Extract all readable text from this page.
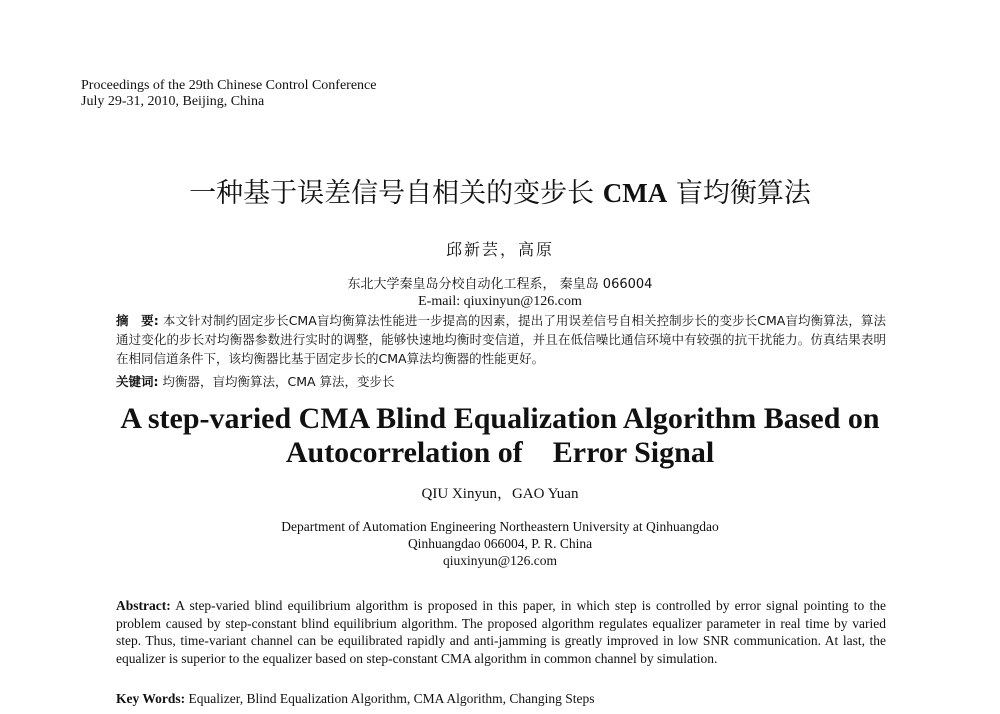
Proceedings of the 29th Chinese Control Conference
July 29-31, 2010, Beijing, China
一种基于误差信号自相关的变步长 CMA 盲均衡算法
邱新芸，高原
东北大学秦皇岛分校自动化工程系， 秦皇岛 066004
E-mail: qiuxinyun@126.com
摘　要: 本文针对制约固定步长CMA盲均衡算法性能进一步提高的因素，提出了用误差信号自相关控制步长的变步长CMA盲均衡算法，算法通过变化的步长对均衡器参数进行实时的调整，能够快速地均衡时变信道，并且在低信噪比通信环境中有较强的抗干扰能力。仿真结果表明在相同信道条件下，该均衡器比基于固定步长的CMA算法均衡器的性能更好。
关键词: 均衡器，盲均衡算法，CMA 算法，变步长
A step-varied CMA Blind Equalization Algorithm Based on
Autocorrelation of    Error Signal
QIU Xinyun，GAO Yuan
Department of Automation Engineering Northeastern University at Qinhuangdao
Qinhuangdao 066004, P. R. China
qiuxinyun@126.com
Abstract: A step-varied blind equilibrium algorithm is proposed in this paper, in which step is controlled by error signal pointing to the problem caused by step-constant blind equilibrium algorithm. The proposed algorithm regulates equalizer parameter in real time by varied step. Thus, time-variant channel can be equilibrated rapidly and anti-jamming is greatly improved in low SNR communication. At last, the equalizer is superior to the equalizer based on step-constant CMA algorithm in common channel by simulation.
Key Words: Equalizer, Blind Equalization Algorithm, CMA Algorithm, Changing Steps
